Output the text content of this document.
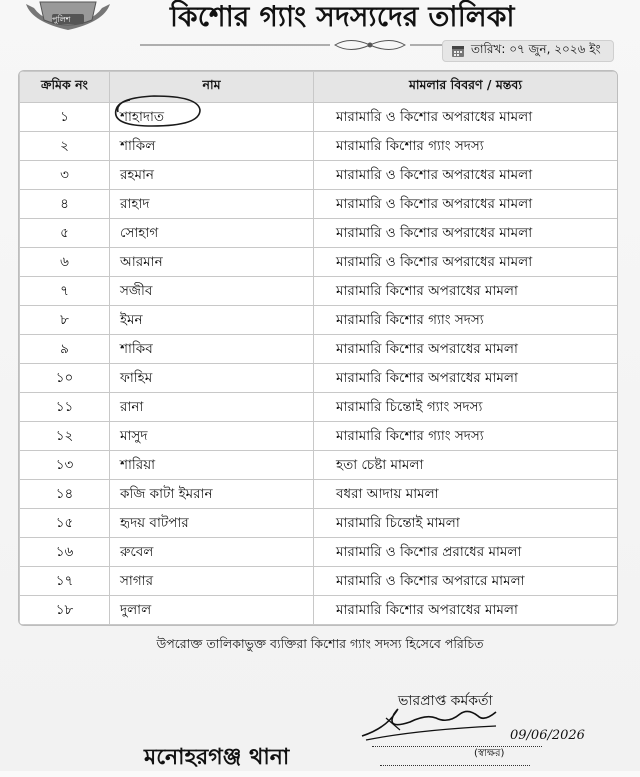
পুলিশ	কিশোর গ্যাং সদস্যদের তালিকা
তারিখ: ০৭ জুন, ২০২৬ ইং
ক্রমিক নং	নাম	মামলার বিবরণ / মন্তব্য
১	শাহাদাত	মারামারি ও কিশোর অপরাধের মামলা
২	শাকিল	মারামারি কিশোর গ্যাং সদস্য
৩	রহমান	মারামারি ও কিশোর অপরাধের মামলা
৪	রাহাদ	মারামারি ও কিশোর অপরাধের মামলা
৫	সোহাগ	মারামারি ও কিশোর অপরাধের মামলা
৬	আরমান	মারামারি ও কিশোর অপরাধের মামলা
৭	সজীব	মারামারি কিশোর অপরাধের মামলা
৮	ইমন	মারামারি কিশোর গ্যাং সদস্য
৯	শাকিব	মারামারি কিশোর অপরাধের মামলা
১০	ফাহিম	মারামারি কিশোর অপরাধের মামলা
১১	রানা	মারামারি চিন্তোই গ্যাং সদস্য
১২	মাসুদ	মারামারি কিশোর গ্যাং সদস্য
১৩	শারিয়া	হতা চেষ্টা মামলা
১৪	কজি কাটা ইমরান	বধরা আদায় মামলা
১৫	হৃদয় বাটপার	মারামারি চিন্তোই মামলা
১৬	রুবেল	মারামারি ও কিশোর প্ররাধের মামলা
১৭	সাগার	মারামারি ও কিশোর অপরারে মামলা
১৮	দুলাল	মারামারি কিশোর অপরাধের মামলা
উপরোক্ত তালিকাভুক্ত ব্যক্তিরা কিশোর গ্যাং সদস্য হিসেবে পরিচিত
ভারপ্রাপ্ত কর্মকর্তা
09/06/2026
(স্বাক্ষর)
মনোহরগঞ্জ থানা
